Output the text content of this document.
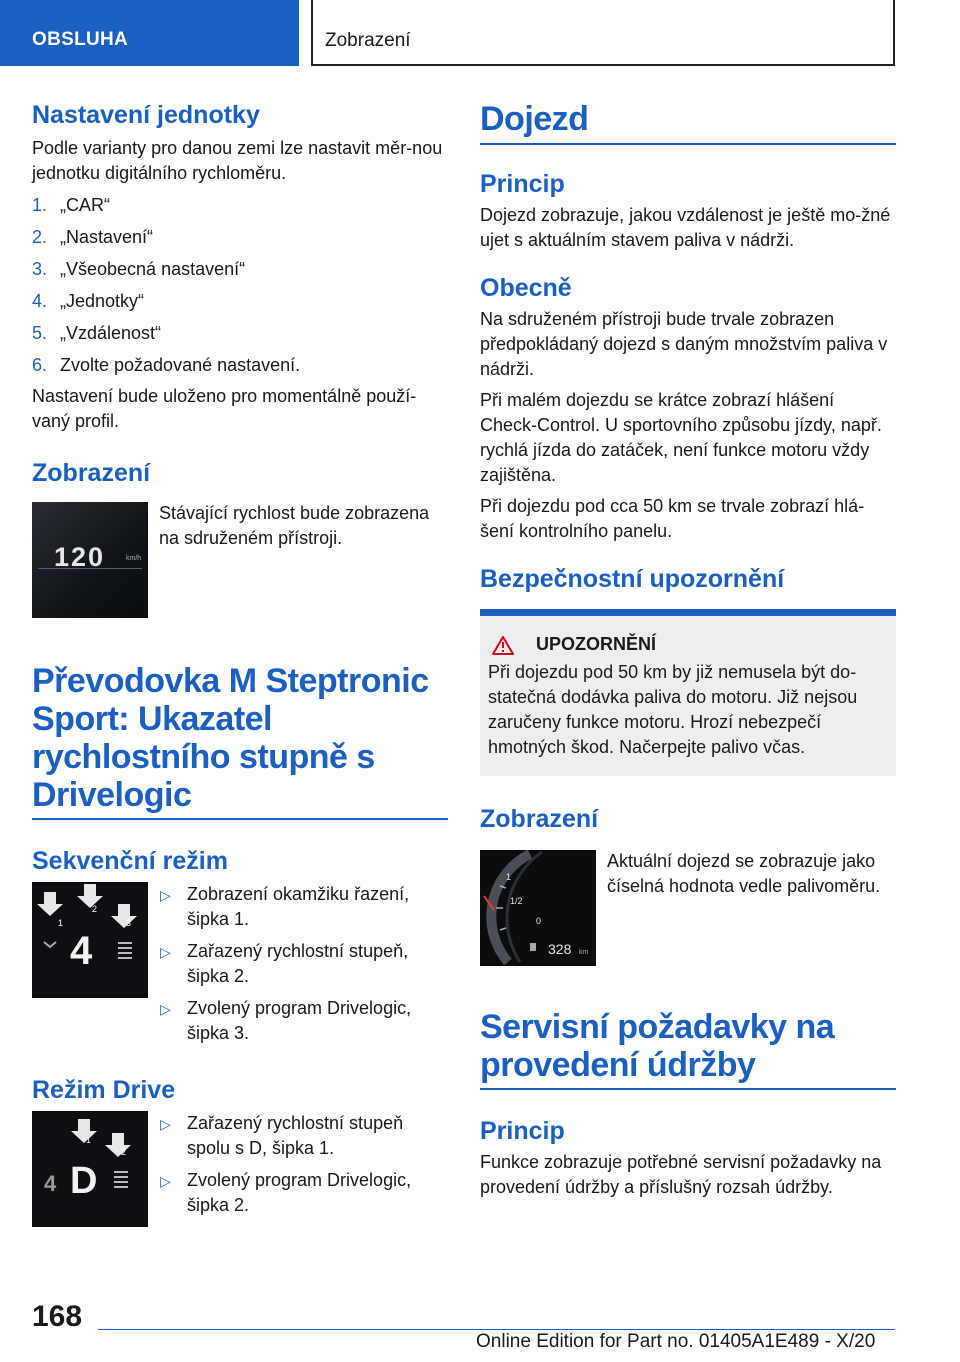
OBSLUHA	Zobrazení
Nastavení jednotky
Podle varianty pro danou zemi lze nastavit měr-nou jednotku digitálního rychloměru.
1. „CAR“
2. „Nastavení“
3. „Všeobecná nastavení“
4. „Jednotky“
5. „Vzdálenost“
6. Zvolte požadované nastavení.
Nastavení bude uloženo pro momentálně použí-vaný profil.
Zobrazení
120	km/h
Stávající rychlost bude zobrazena na sdruženém přístroji.
Převodovka M Steptronic Sport: Ukazatel rychlostního stupně s Drivelogic
Sekvenční režim
1
2
3
4
▷ Zobrazení okamžiku řazení, šipka 1.
▷ Zařazený rychlostní stupeň, šipka 2.
▷ Zvolený program Drivelogic, šipka 3.
Režim Drive
1
2
4 D
▷ Zařazený rychlostní stupeň spolu s D, šipka 1.
▷ Zvolený program Drivelogic, šipka 2.
Dojezd
Princip
Dojezd zobrazuje, jakou vzdálenost je ještě mo-žné ujet s aktuálním stavem paliva v nádrži.
Obecně
Na sdruženém přístroji bude trvale zobrazen předpokládaný dojezd s daným množstvím paliva v nádrži.
Při malém dojezdu se krátce zobrazí hlášení Check-Control. U sportovního způsobu jízdy, např. rychlá jízda do zatáček, není funkce motoru vždy zajištěna.
Při dojezdu pod cca 50 km se trvale zobrazí hlá-šení kontrolního panelu.
Bezpečnostní upozornění
UPOZORNĚNÍ
Při dojezdu pod 50 km by již nemusela být do-statečná dodávka paliva do motoru. Již nejsou zaručeny funkce motoru. Hrozí nebezpečí hmotných škod. Načerpejte palivo včas.
Zobrazení
1
1/2
0
328 km
Aktuální dojezd se zobrazuje jako číselná hodnota vedle palivoměru.
Servisní požadavky na provedení údržby
Princip
Funkce zobrazuje potřebné servisní požadavky na provedení údržby a příslušný rozsah údržby.
168
Online Edition for Part no. 01405A1E489 - X/20
